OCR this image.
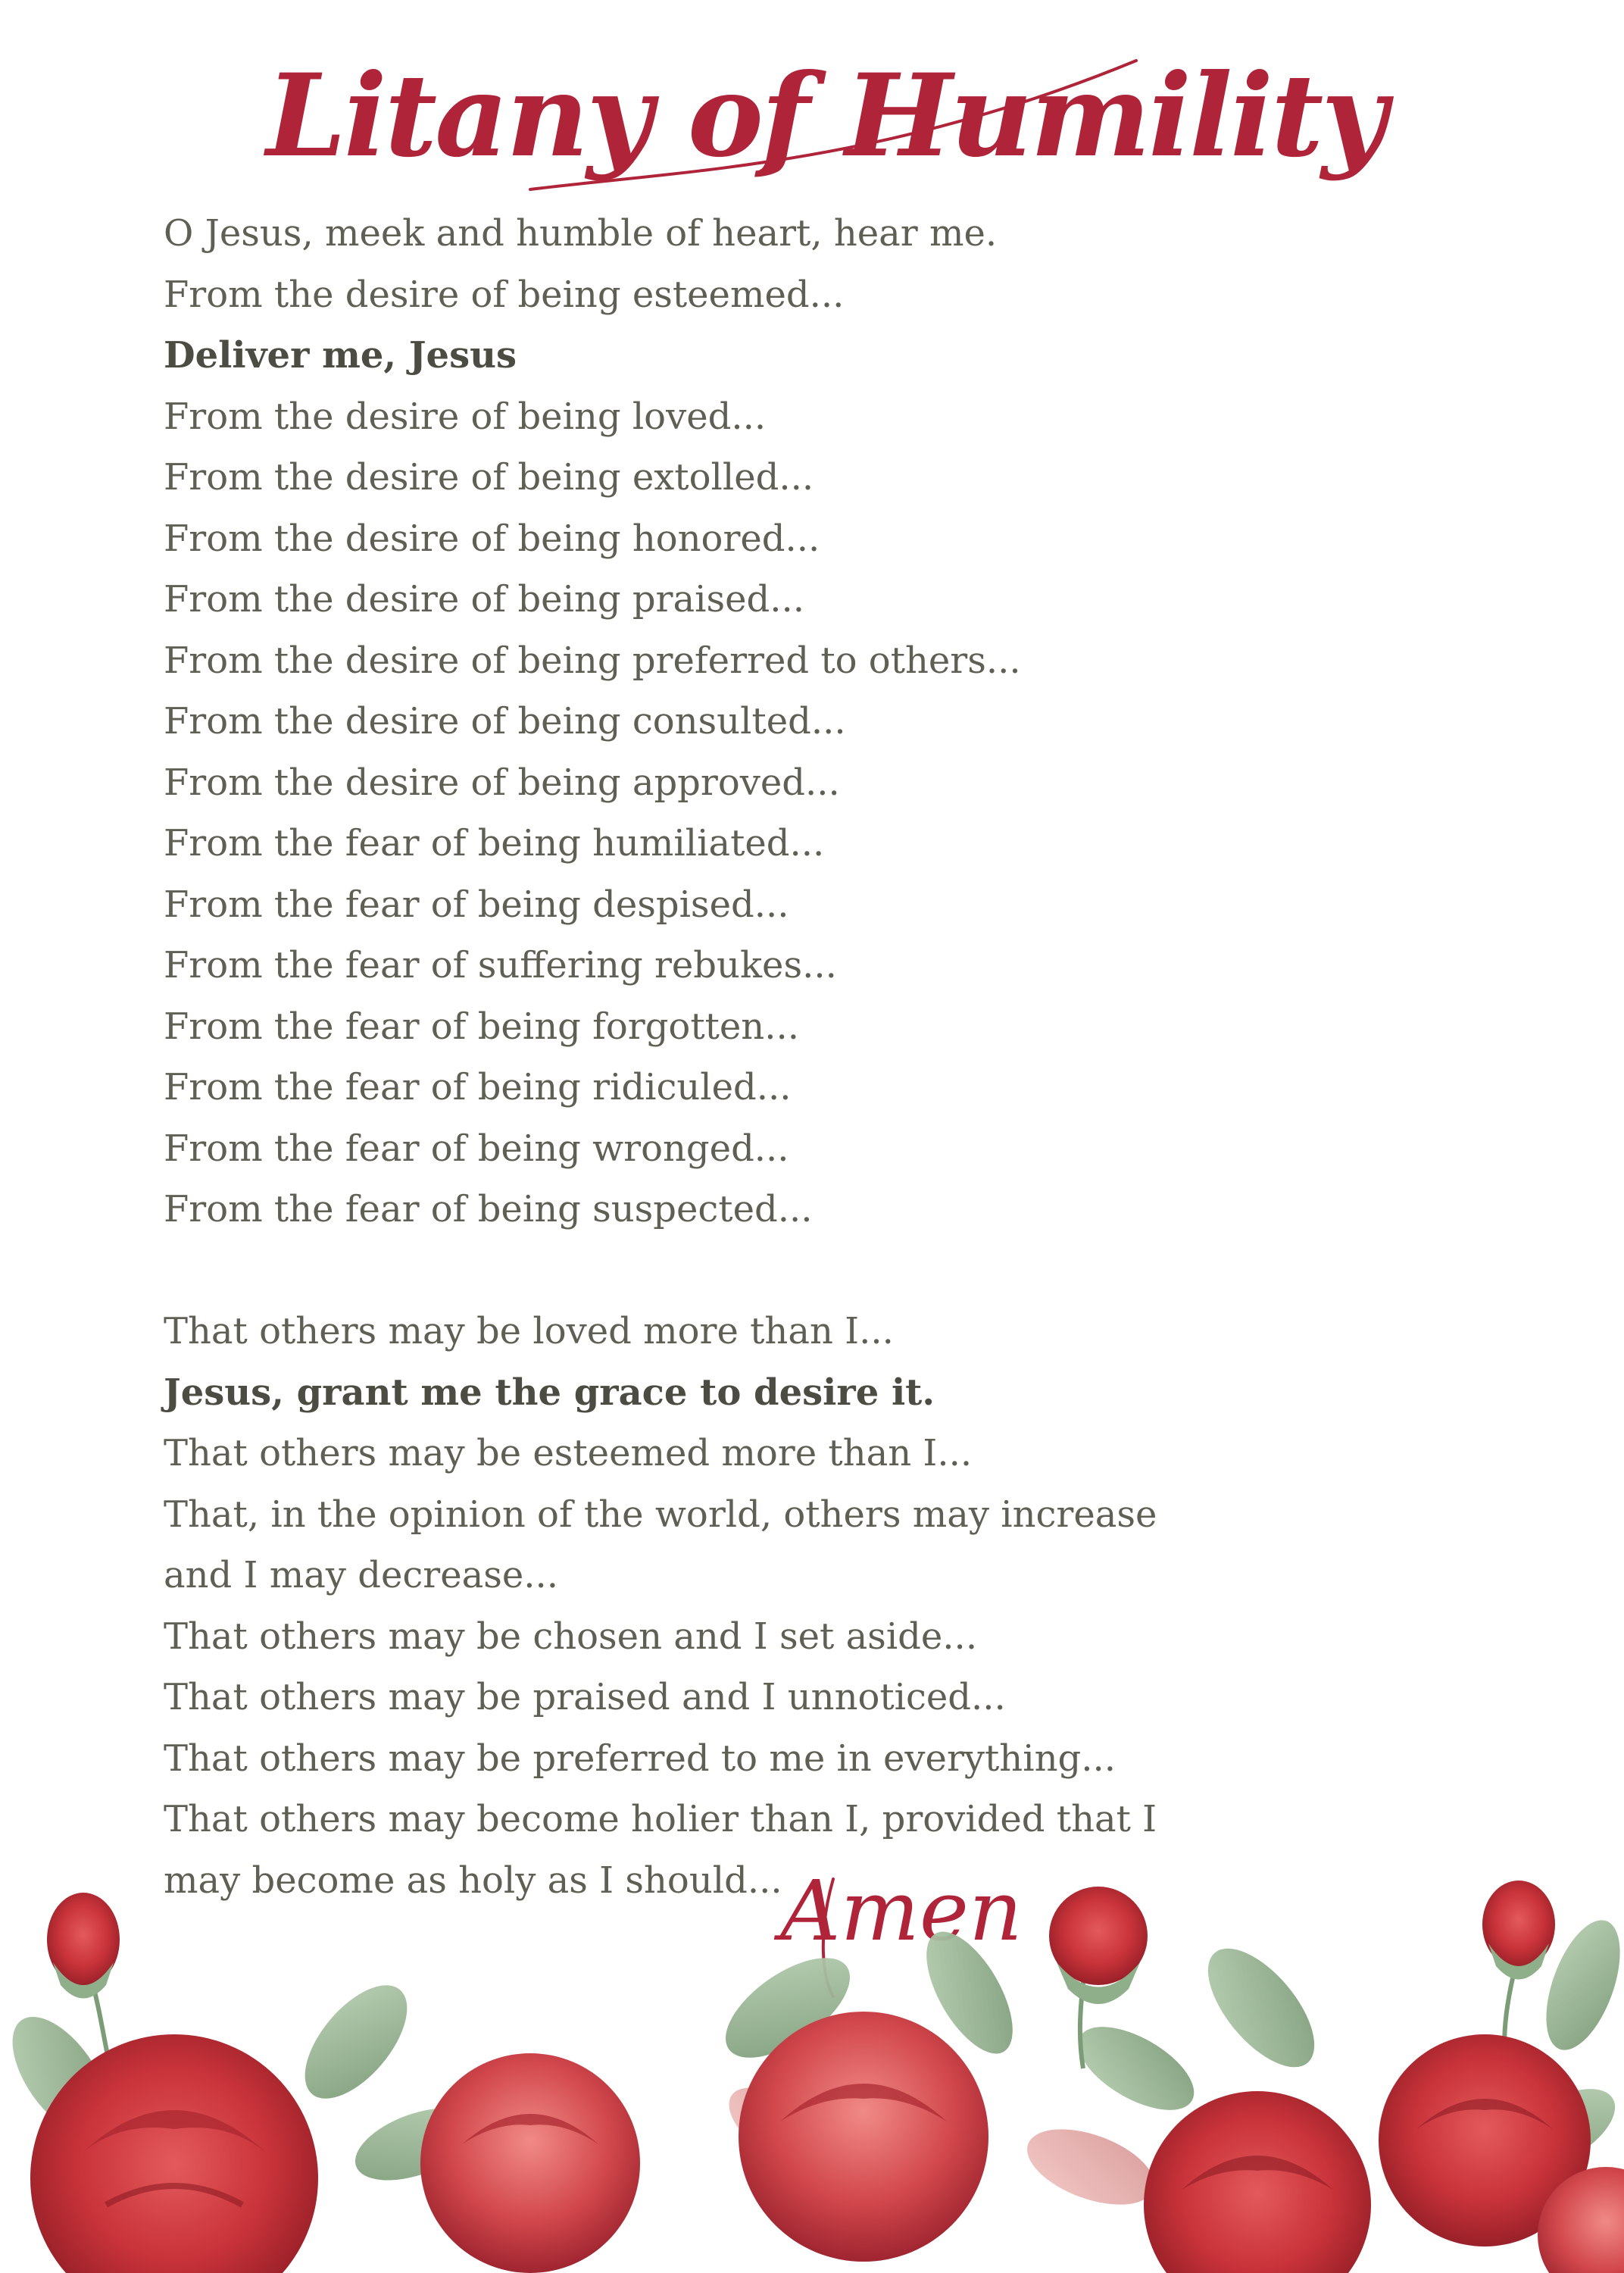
Litany of Humility
O Jesus, meek and humble of heart, hear me.
From the desire of being esteemed...
Deliver me, Jesus
From the desire of being loved...
From the desire of being extolled...
From the desire of being honored...
From the desire of being praised...
From the desire of being preferred to others...
From the desire of being consulted...
From the desire of being approved...
From the fear of being humiliated...
From the fear of being despised...
From the fear of suffering rebukes...
From the fear of being forgotten...
From the fear of being ridiculed...
From the fear of being wronged...
From the fear of being suspected...
That others may be loved more than I...
Jesus, grant me the grace to desire it.
That others may be esteemed more than I...
That, in the opinion of the world, others may increase
and I may decrease...
That others may be chosen and I set aside...
That others may be praised and I unnoticed...
That others may be preferred to me in everything...
That others may become holier than I, provided that I
may become as holy as I should...
Amen
